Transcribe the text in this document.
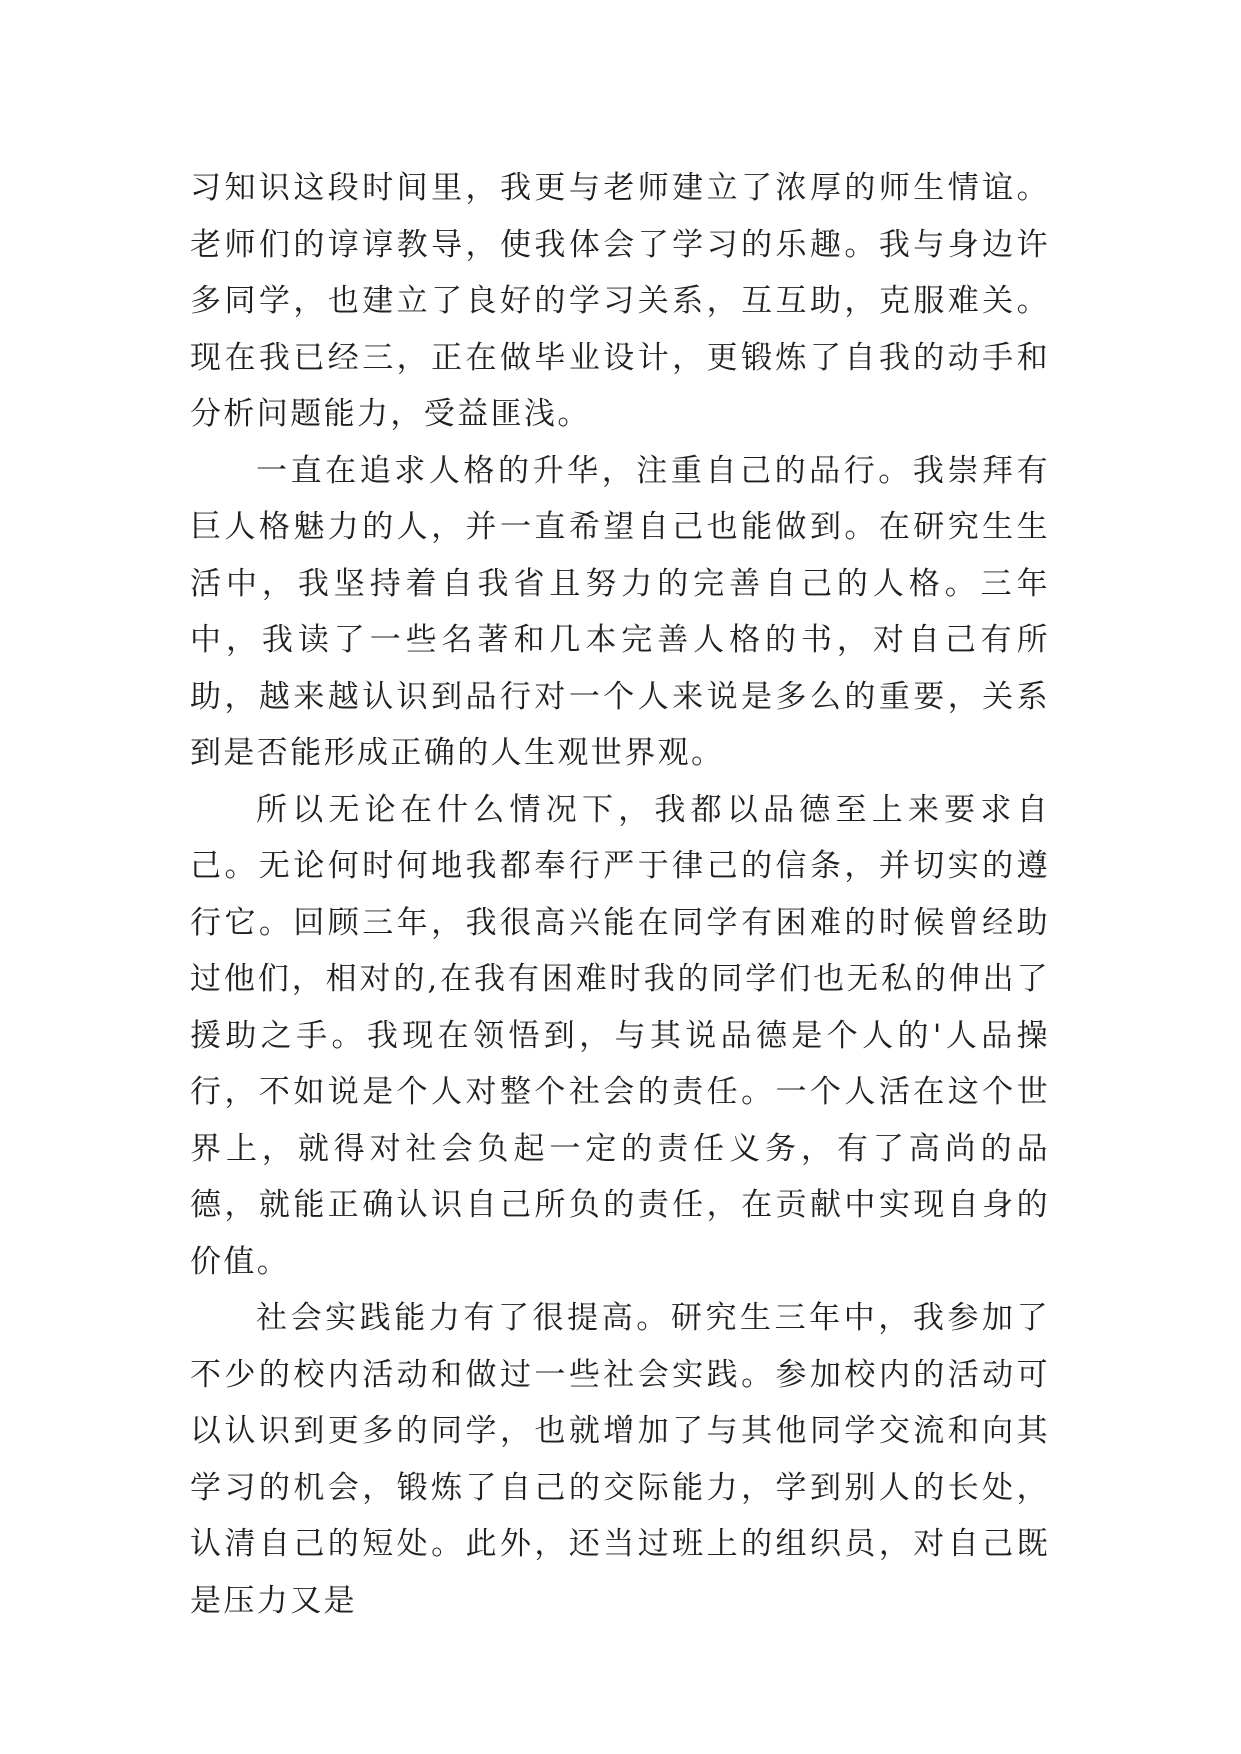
习知识这段时间里，我更与老师建立了浓厚的师生情谊。老师们的谆谆教导，使我体会了学习的乐趣。我与身边许多同学，也建立了良好的学习关系，互互助，克服难关。现在我已经三，正在做毕业设计，更锻炼了自我的动手和分析问题能力，受益匪浅。

一直在追求人格的升华，注重自己的品行。我崇拜有巨人格魅力的人，并一直希望自己也能做到。在研究生生活中，我坚持着自我省且努力的完善自己的人格。三年中，我读了一些名著和几本完善人格的书，对自己有所助，越来越认识到品行对一个人来说是多么的重要，关系到是否能形成正确的人生观世界观。

所以无论在什么情况下，我都以品德至上来要求自己。无论何时何地我都奉行严于律己的信条，并切实的遵行它。回顾三年，我很高兴能在同学有困难的时候曾经助过他们，相对的,在我有困难时我的同学们也无私的伸出了援助之手。我现在领悟到，与其说品德是个人的'人品操行，不如说是个人对整个社会的责任。一个人活在这个世界上，就得对社会负起一定的责任义务，有了高尚的品德，就能正确认识自己所负的责任，在贡献中实现自身的价值。

社会实践能力有了很提高。研究生三年中，我参加了不少的校内活动和做过一些社会实践。参加校内的活动可以认识到更多的同学，也就增加了与其他同学交流和向其学习的机会，锻炼了自己的交际能力，学到别人的长处，认清自己的短处。此外，还当过班上的组织员，对自己既是压力又是
